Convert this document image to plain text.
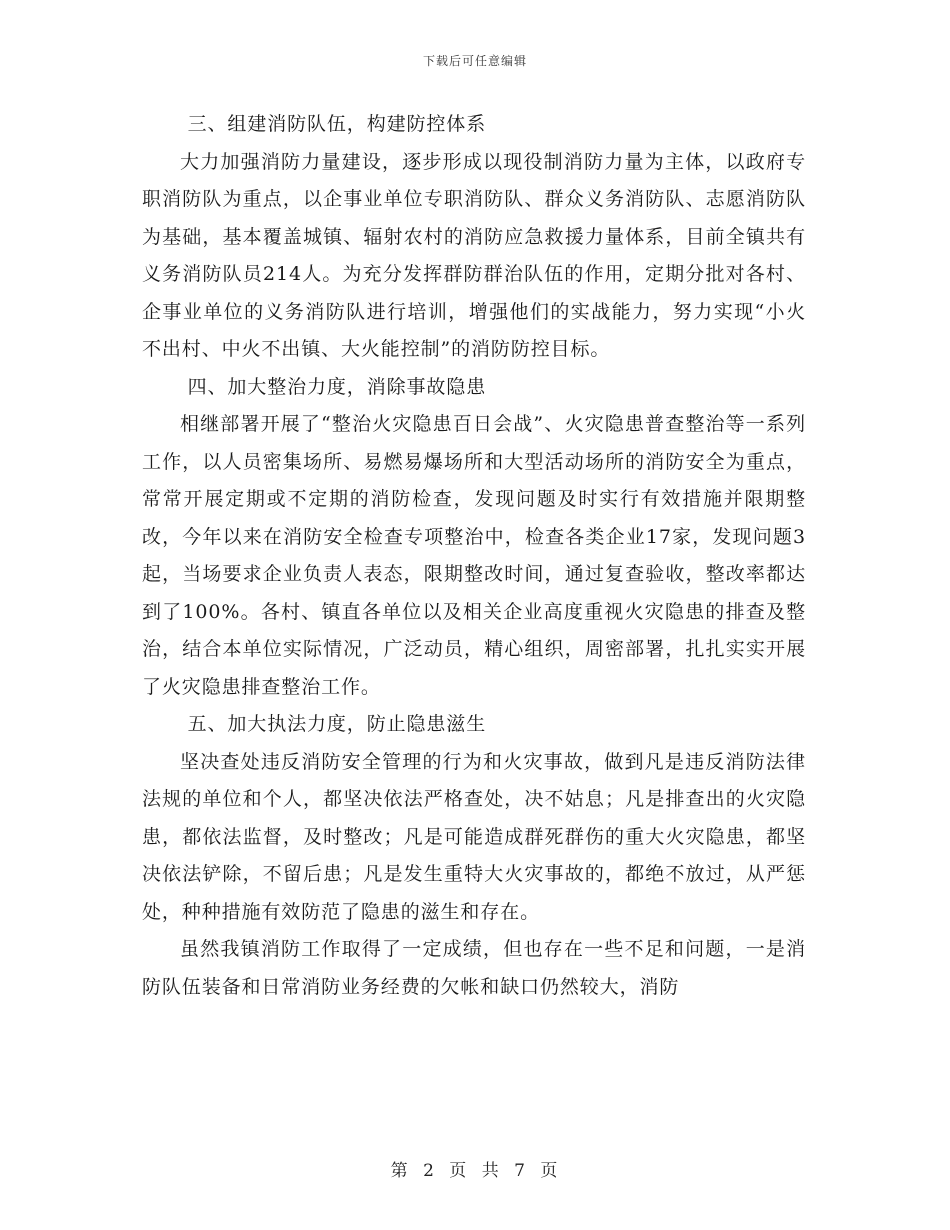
下载后可任意编辑

三、组建消防队伍，构建防控体系

大力加强消防力量建设，逐步形成以现役制消防力量为主体，以政府专职消防队为重点，以企事业单位专职消防队、群众义务消防队、志愿消防队为基础，基本覆盖城镇、辐射农村的消防应急救援力量体系，目前全镇共有义务消防队员214人。为充分发挥群防群治队伍的作用，定期分批对各村、企事业单位的义务消防队进行培训，增强他们的实战能力，努力实现“小火不出村、中火不出镇、大火能控制”的消防防控目标。

四、加大整治力度，消除事故隐患

相继部署开展了“整治火灾隐患百日会战”、火灾隐患普查整治等一系列工作，以人员密集场所、易燃易爆场所和大型活动场所的消防安全为重点，常常开展定期或不定期的消防检查，发现问题及时实行有效措施并限期整改，今年以来在消防安全检查专项整治中，检查各类企业17家，发现问题3起，当场要求企业负责人表态，限期整改时间，通过复查验收，整改率都达到了100%。各村、镇直各单位以及相关企业高度重视火灾隐患的排查及整治，结合本单位实际情况，广泛动员，精心组织，周密部署，扎扎实实开展了火灾隐患排查整治工作。

五、加大执法力度，防止隐患滋生

坚决查处违反消防安全管理的行为和火灾事故，做到凡是违反消防法律法规的单位和个人，都坚决依法严格查处，决不姑息；凡是排查出的火灾隐患，都依法监督，及时整改；凡是可能造成群死群伤的重大火灾隐患，都坚决依法铲除，不留后患；凡是发生重特大火灾事故的，都绝不放过，从严惩处，种种措施有效防范了隐患的滋生和存在。

虽然我镇消防工作取得了一定成绩，但也存在一些不足和问题，一是消防队伍装备和日常消防业务经费的欠帐和缺口仍然较大，消防

第 2 页 共 7 页
